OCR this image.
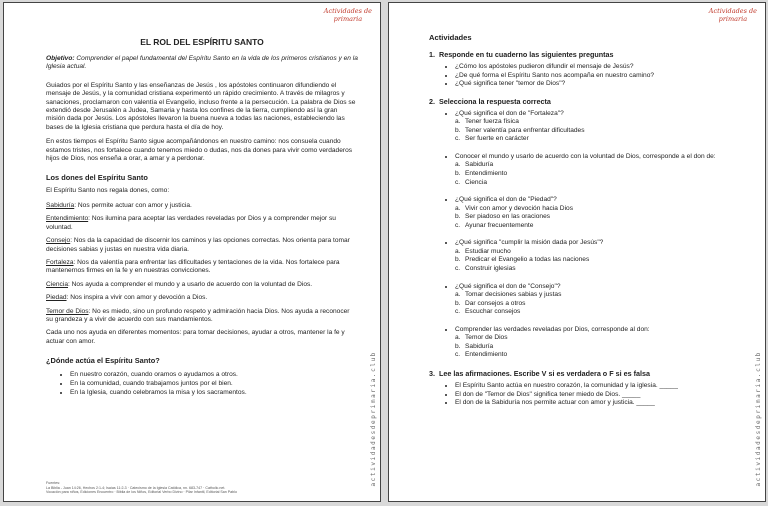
Actividades de
primaria
actividadesdeprimaria.club
EL ROL DEL ESPÍRITU SANTO

Objetivo: Comprender el papel fundamental del Espíritu Santo en la vida de los primeros cristianos y en la Iglesia actual.

Guiados por el Espíritu Santo y las enseñanzas de Jesús , los apóstoles continuaron difundiendo el mensaje de Jesús, y la comunidad cristiana experimentó un rápido crecimiento. A través de milagros y sanaciones, proclamaron con valentía el Evangelio, incluso frente a la persecución. La palabra de Dios se extendió desde Jerusalén a Judea, Samaria y hasta los confines de la tierra, cumpliendo así la gran misión dada por Jesús. Los apóstoles llevaron la buena nueva a todas las naciones, estableciendo las bases de la Iglesia cristiana que perdura hasta el día de hoy.

En estos tiempos el Espíritu Santo sigue acompañándonos en nuestro camino: nos consuela cuando estamos tristes, nos fortalece cuando tenemos miedo o dudas, nos da dones para vivir como verdaderos hijos de Dios, nos enseña a orar, a amar y a perdonar.

Los dones del Espíritu Santo

El Espíritu Santo nos regala dones, como:

Sabiduría: Nos permite actuar con amor y justicia.

Entendimiento: Nos ilumina para aceptar las verdades reveladas por Dios y a comprender mejor su voluntad.

Consejo: Nos da la capacidad de discernir los caminos y las opciones correctas. Nos orienta para tomar decisiones sabias y justas en nuestra vida diaria.

Fortaleza: Nos da valentía para enfrentar las dificultades y tentaciones de la vida. Nos fortalece para mantenernos firmes en la fe y en nuestras convicciones.

Ciencia: Nos ayuda a comprender el mundo y a usarlo de acuerdo con la voluntad de Dios.

Piedad: Nos inspira a vivir con amor y devoción a Dios.

Temor de Dios: No es miedo, sino un profundo respeto y admiración hacia Dios. Nos ayuda a reconocer su grandeza y a vivir de acuerdo con sus mandamientos.

Cada uno nos ayuda en diferentes momentos: para tomar decisiones, ayudar a otros, mantener la fe y actuar con amor.

¿Dónde actúa el Espíritu Santo?
• En nuestro corazón, cuando oramos o ayudamos a otros.
• En la comunidad, cuando trabajamos juntos por el bien.
• En la Iglesia, cuando celebramos la misa y los sacramentos.
Fuentes:
La Biblia - Juan 14:26, Hechos 2:1-4; Isaías 11:2-3 · Catecismo de la Iglesia Católica, nn. 683-747 · Catholic.net.
Vocación para niños, Ediciones Encuentro · Biblia de los Niños, Editorial Verbo Divino · Pilar Infantil, Editorial San Pablo
Actividades de
primaria
actividadesdeprimaria.club
Actividades
1. Responde en tu cuaderno las siguientes preguntas
• ¿Cómo los apóstoles pudieron difundir el mensaje de Jesús?
• ¿De qué forma el Espíritu Santo nos acompaña en nuestro camino?
• ¿Qué significa tener "temor de Dios"?
2. Selecciona la respuesta correcta
• ¿Qué significa el don de "Fortaleza"?
a. Tener fuerza física
b. Tener valentía para enfrentar dificultades
c. Ser fuerte en carácter
• Conocer el mundo y usarlo de acuerdo con la voluntad de Dios, corresponde a el don de:
a. Sabiduría
b. Entendimiento
c. Ciencia
• ¿Qué significa el don de "Piedad"?
a. Vivir con amor y devoción hacia Dios
b. Ser piadoso en las oraciones
c. Ayunar frecuentemente
• ¿Qué significa "cumplir la misión dada por Jesús"?
a. Estudiar mucho
b. Predicar el Evangelio a todas las naciones
c. Construir iglesias
• ¿Qué significa el don de "Consejo"?
a. Tomar decisiones sabias y justas
b. Dar consejos a otros
c. Escuchar consejos
• Comprender las verdades reveladas por Dios, corresponde al don:
a. Temor de Dios
b. Sabiduría
c. Entendimiento
3. Lee las afirmaciones. Escribe V si es verdadera o F si es falsa
• El Espíritu Santo actúa en nuestro corazón, la comunidad y la iglesia. _____
• El don de "Temor de Dios" significa tener miedo de Dios. _____
• El don de la Sabiduría nos permite actuar con amor y justicia. _____
